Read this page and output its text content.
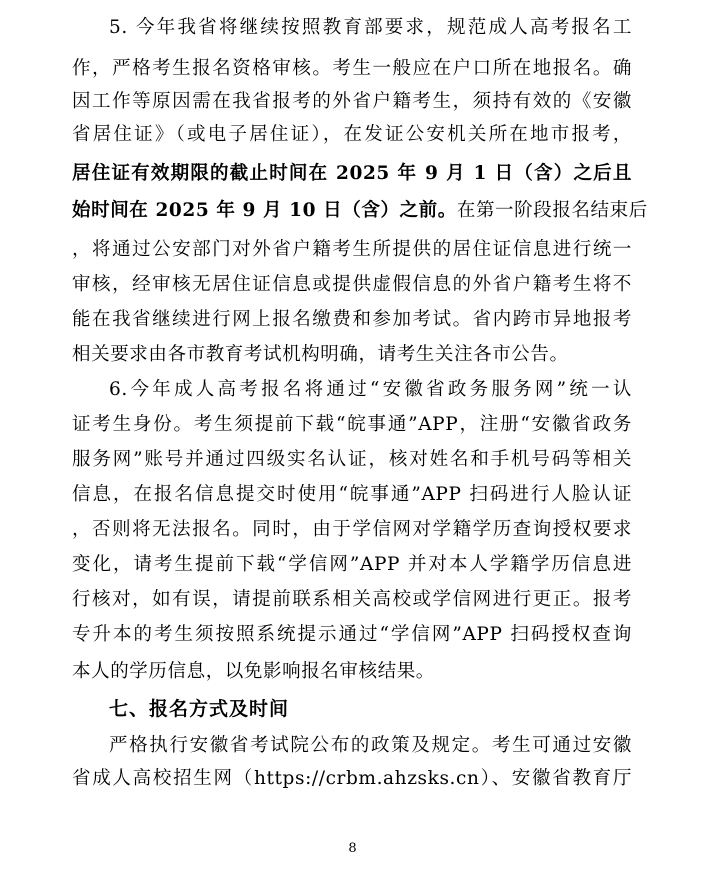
5. 今年我省将继续按照教育部要求，规范成人高考报名工
作，严格考生报名资格审核。考生一般应在户口所在地报名。确
因工作等原因需在我省报考的外省户籍考生，须持有效的《安徽
省居住证》（或电子居住证），在发证公安机关所在地市报考，
居住证有效期限的截止时间在 2025 年 9 月 1 日（含）之后且
始时间在 2025 年 9 月 10 日（含）之前。在第一阶段报名结束后
，将通过公安部门对外省户籍考生所提供的居住证信息进行统一
审核，经审核无居住证信息或提供虚假信息的外省户籍考生将不
能在我省继续进行网上报名缴费和参加考试。省内跨市异地报考
相关要求由各市教育考试机构明确，请考生关注各市公告。
6.今年成人高考报名将通过“安徽省政务服务网”统一认
证考生身份。考生须提前下载“皖事通”APP，注册“安徽省政务
服务网”账号并通过四级实名认证，核对姓名和手机号码等相关
信息，在报名信息提交时使用“皖事通”APP 扫码进行人脸认证
，否则将无法报名。同时，由于学信网对学籍学历查询授权要求
变化，请考生提前下载“学信网”APP 并对本人学籍学历信息进
行核对，如有误，请提前联系相关高校或学信网进行更正。报考
专升本的考生须按照系统提示通过“学信网”APP 扫码授权查询
本人的学历信息，以免影响报名审核结果。
七、报名方式及时间
严格执行安徽省考试院公布的政策及规定。考生可通过安徽
省成人高校招生网（https://crbm.ahzsks.cn）、安徽省教育厅
8
